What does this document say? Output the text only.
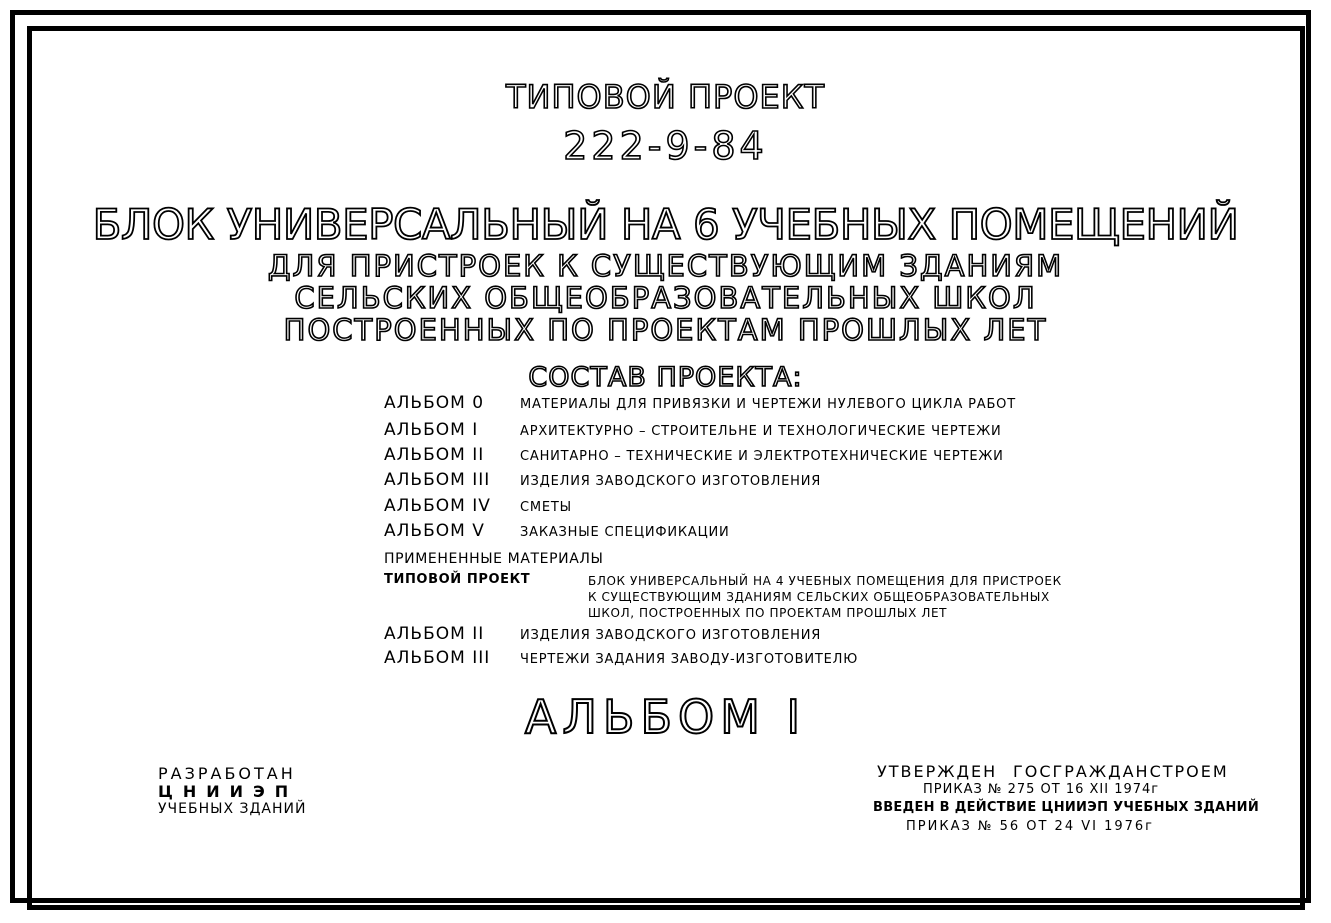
ТИПОВОЙ ПРОЕКТ
222-9-84
БЛОК УНИВЕРСАЛЬНЫЙ НА 6 УЧЕБНЫХ ПОМЕЩЕНИЙ
ДЛЯ ПРИСТРОЕК К СУЩЕСТВУЮЩИМ ЗДАНИЯМ
СЕЛЬСКИХ ОБЩЕОБРАЗОВАТЕЛЬНЫХ ШКОЛ
ПОСТРОЕННЫХ ПО ПРОЕКТАМ ПРОШЛЫХ ЛЕТ
СОСТАВ ПРОЕКТА:
АЛЬБОМ 0	МАТЕРИАЛЫ ДЛЯ ПРИВЯЗКИ И ЧЕРТЕЖИ НУЛЕВОГО ЦИКЛА РАБОТ
АЛЬБОМ I	АРХИТЕКТУРНО – СТРОИТЕЛЬНЕ И ТЕХНОЛОГИЧЕСКИЕ ЧЕРТЕЖИ
АЛЬБОМ II	САНИТАРНО – ТЕХНИЧЕСКИЕ И ЭЛЕКТРОТЕХНИЧЕСКИЕ ЧЕРТЕЖИ
АЛЬБОМ III ИЗДЕЛИЯ ЗАВОДСКОГО ИЗГОТОВЛЕНИЯ
АЛЬБОМ IV СМЕТЫ
АЛЬБОМ V	ЗАКАЗНЫЕ СПЕЦИФИКАЦИИ
ПРИМЕНЕННЫЕ МАТЕРИАЛЫ
ТИПОВОЙ ПРОЕКТ	БЛОК УНИВЕРСАЛЬНЫЙ НА 4 УЧЕБНЫХ ПОМЕЩЕНИЯ ДЛЯ ПРИСТРОЕК
К СУЩЕСТВУЮЩИМ ЗДАНИЯМ СЕЛЬСКИХ ОБЩЕОБРАЗОВАТЕЛЬНЫХ
ШКОЛ, ПОСТРОЕННЫХ ПО ПРОЕКТАМ ПРОШЛЫХ ЛЕТ
АЛЬБОМ II	ИЗДЕЛИЯ ЗАВОДСКОГО ИЗГОТОВЛЕНИЯ
АЛЬБОМ III ЧЕРТЕЖИ ЗАДАНИЯ ЗАВОДУ-ИЗГОТОВИТЕЛЮ
АЛЬБОМ I
РАЗРАБОТАН
ЦНИИЭП
УЧЕБНЫХ ЗДАНИЙ
УТВЕРЖДЕН ГОСГРАЖДАНСТРОЕМ
ПРИКАЗ № 275 ОТ 16 XII 1974г
ВВЕДЕН В ДЕЙСТВИЕ ЦНИИЭП УЧЕБНЫХ ЗДАНИЙ
ПРИКАЗ № 56 ОТ 24 VI 1976г
